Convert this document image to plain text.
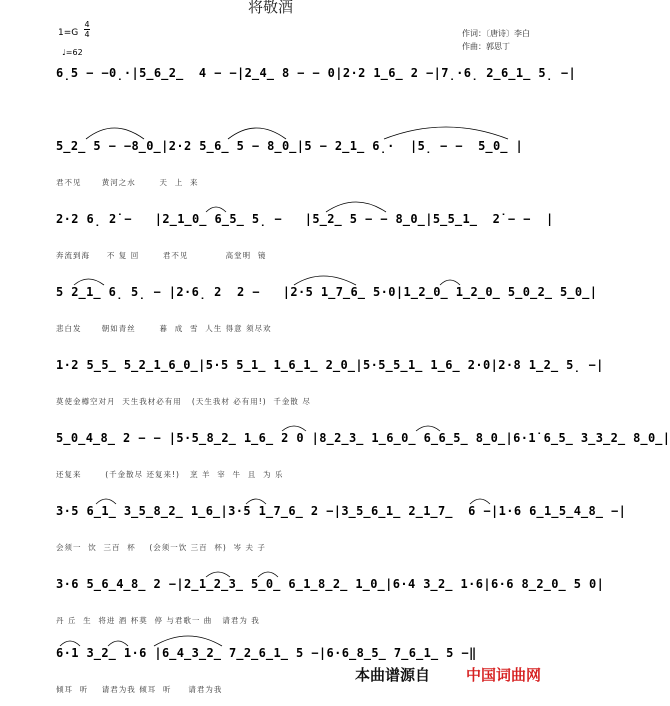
将敬酒
1=G
4
4
♩=62
作词：〔唐诗〕李白
作曲：郭思丁
6̣5 − −0̣·|5̲6̲2̲  4 − −|2̲4̲ 8 − − 0|2·2 1̲6̲ 2 −|7̣·6̣ 2̲6̲1̲ 5̣ −|
5̲2̲ 5 − −8̲0̲|2·2 5̲6̲ 5 − 8̲0̲|5 − 2̲1̲ 6̣·  |5̣ − −  5̲0̲ |
君不见      黄河之水       天  上  来
2·2 6̣ 2̇ −   |2̲1̲0̲ 6̲5̲ 5̣ −   |5̲2̲ 5 − − 8̲0̲|5̲5̲1̲  2̇ − −  |
奔流到海     不 复 回       君不见           高堂明  镜
5 2̲1̲ 6̣ 5̣ − |2·6̣ 2  2 −   |2·5 1̲7̲6̲ 5·0|1̲2̲0̲ 1̲2̲0̲ 5̲0̲2̲ 5̲0̲|
悲白发      朝如青丝       暮  成  雪  人生 得意 须尽欢
1·2 5̲5̲ 5̲2̲1̲6̲0̲|5·5 5̲1̲ 1̲6̲1̲ 2̲0̲|5·5̲5̲1̲ 1̲6̲ 2·0|2·8 1̲2̲ 5̣ −|
莫使金樽空对月  天生我材必有用   (天生我材 必有用!)  千金散 尽
5̲0̲4̲8̲ 2 − − |5·5̲8̲2̲ 1̲6̲ 2 0 |8̲2̲3̲ 1̲6̲0̲ 6̲6̲5̲ 8̲0̲|6·1̇ 6̲5̲ 3̲3̲2̲ 8̲0̲|
还复来       (千金散尽 还复来!)   烹 羊  宰  牛  且  为 乐
3·5 6̲1̲ 3̲5̲8̲2̲ 1̲6̲|3·5 1̲7̲6̲ 2 −|3̲5̲6̲1̲ 2̲1̲7̲  6 −|1·6 6̲1̲5̲4̲8̲ −|
会须一  饮  三百  杯    (会须一饮 三百  杯)  岑 夫 子
3·6 5̲6̲4̲8̲ 2 −|2̲1̲2̲3̲ 5̲0̲ 6̲1̲8̲2̲ 1̲0̲|6·4 3̲2̲ 1·6|6·6 8̲2̲0̲ 5 0|
丹 丘  生  将进 酒 杯莫  停 与君歌一 曲   请君为 我
6·1 3̲2̲ 1·6 |6̲4̲3̲2̲ 7̲2̲6̲1̲ 5 −|6·6̲8̲5̲ 7̲6̲1̲ 5 −‖
倾耳  听    请君为我 倾耳  听     请君为我
本曲谱源自 中国词曲网
